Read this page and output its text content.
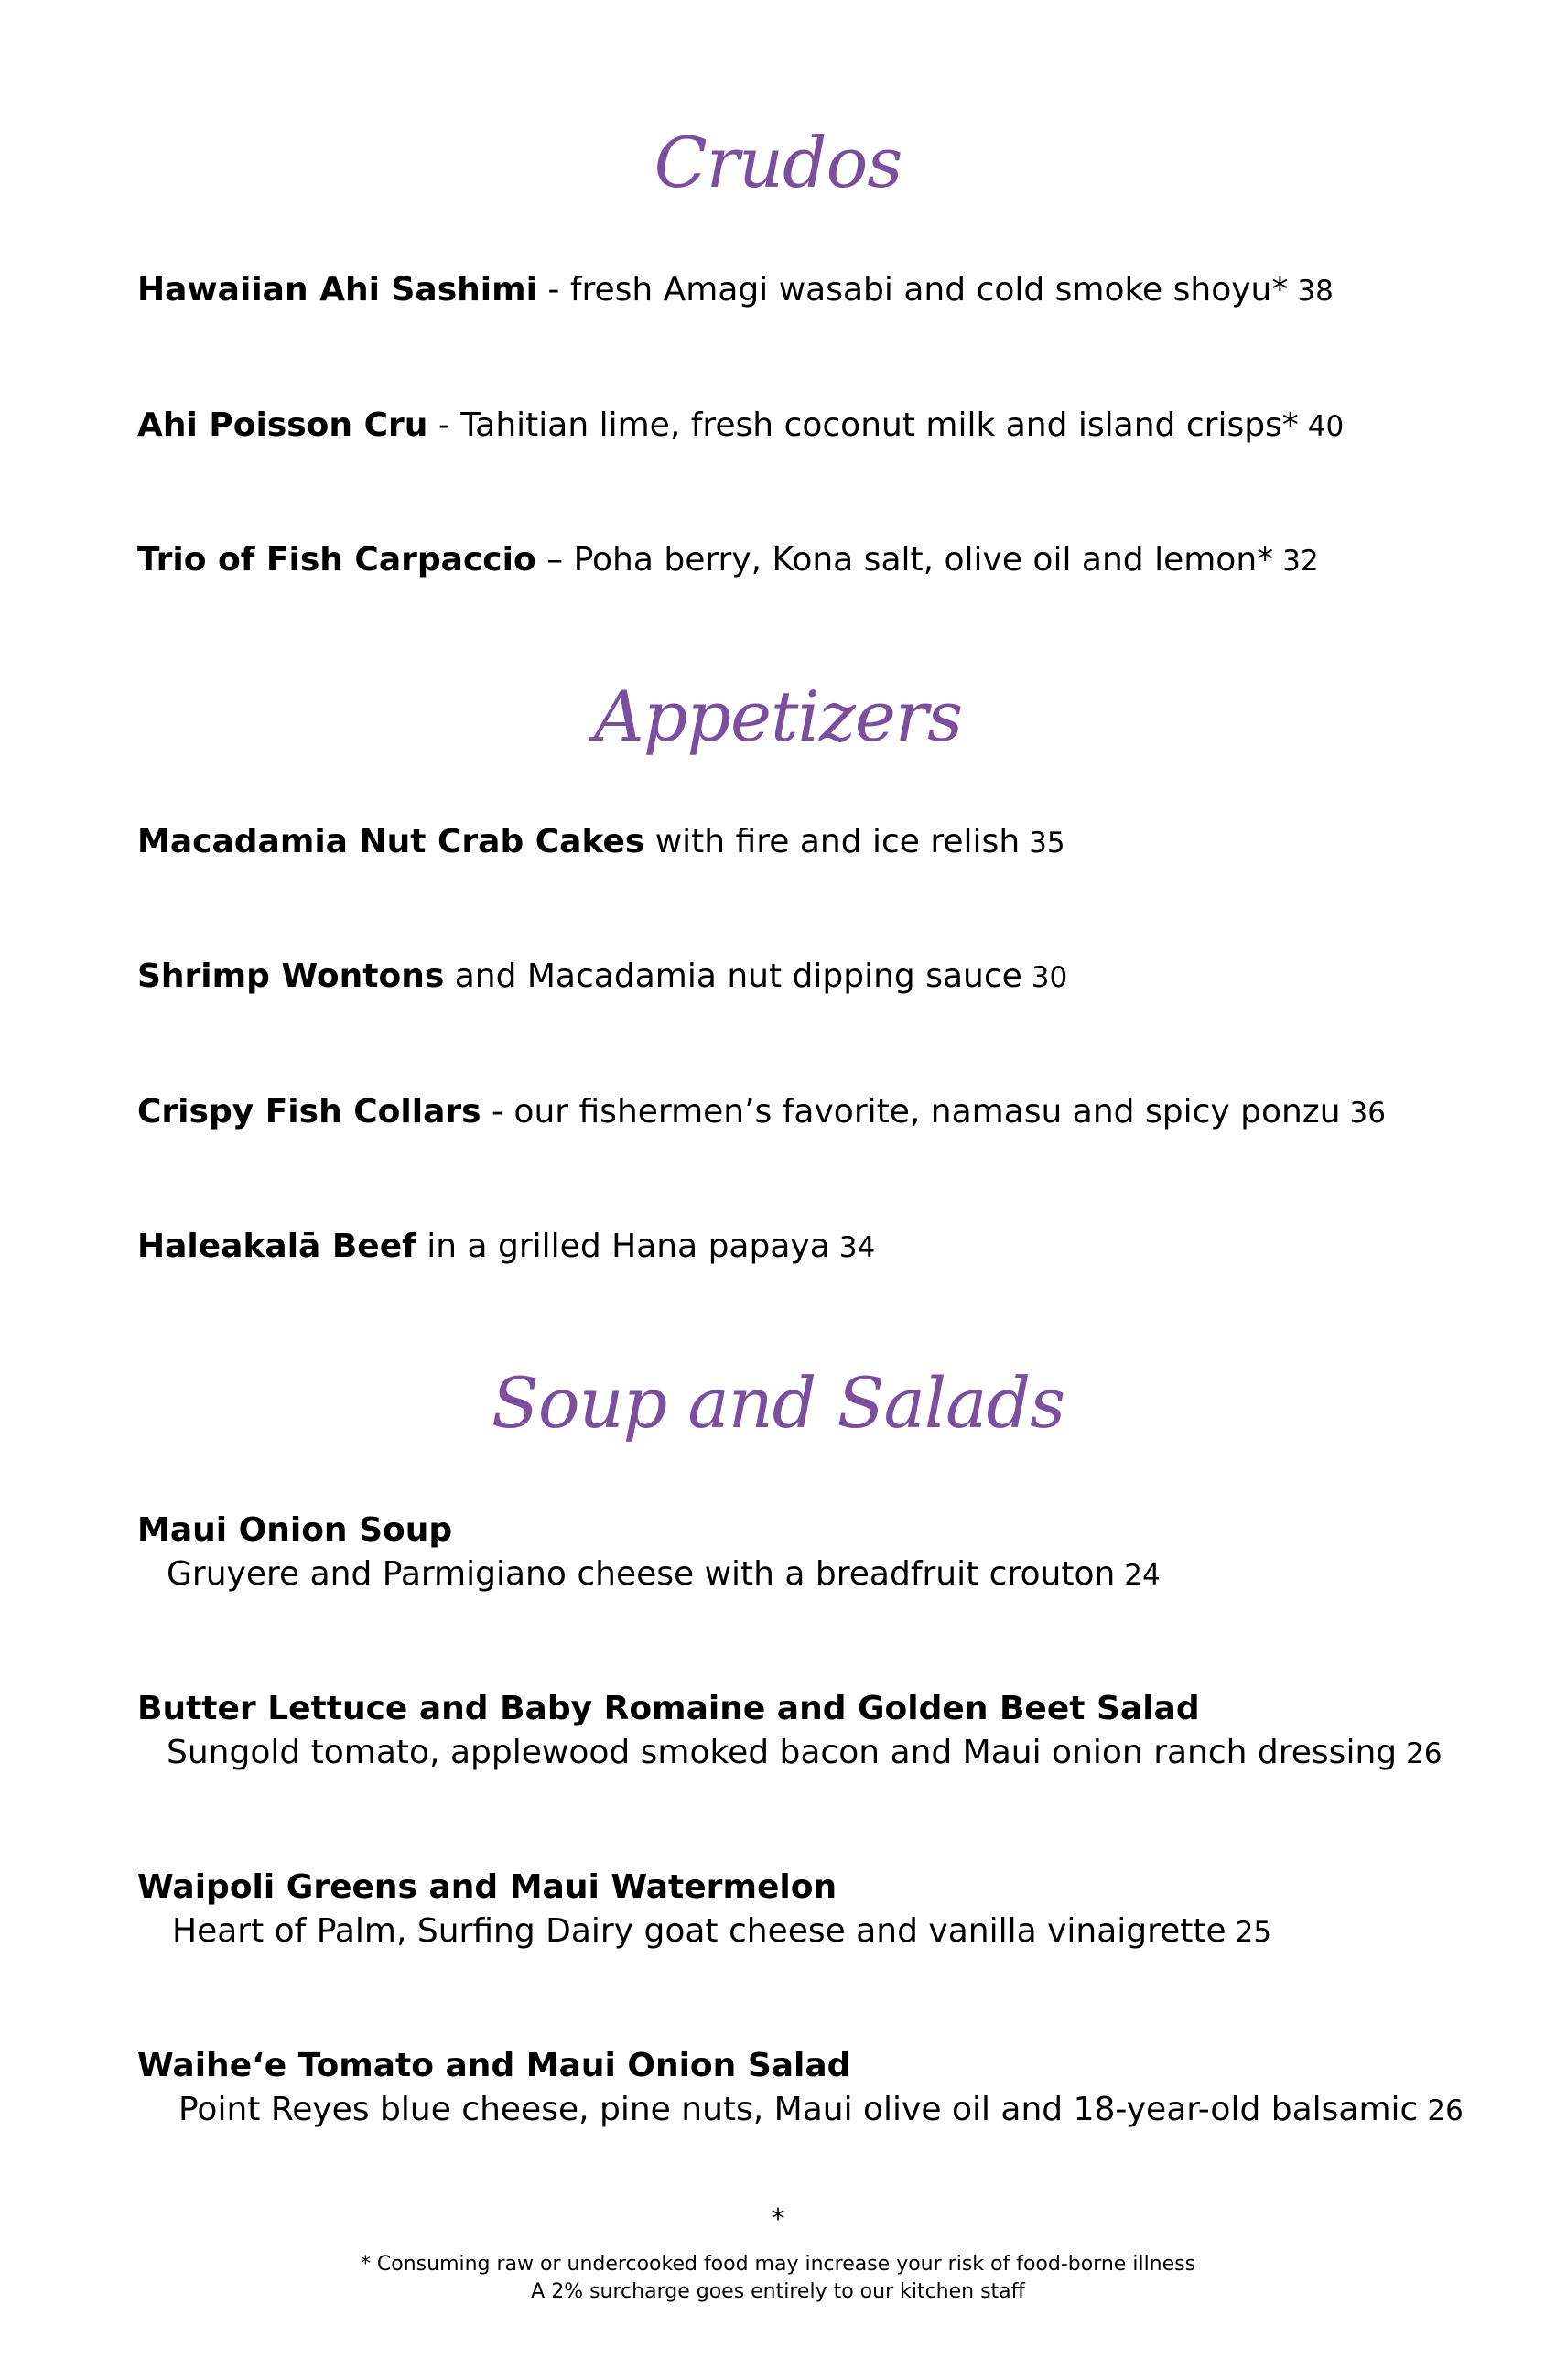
Crudos
Hawaiian Ahi Sashimi - fresh Amagi wasabi and cold smoke shoyu* 38
Ahi Poisson Cru - Tahitian lime, fresh coconut milk and island crisps* 40
Trio of Fish Carpaccio – Poha berry, Kona salt, olive oil and lemon* 32
Appetizers
Macadamia Nut Crab Cakes with fire and ice relish 35
Shrimp Wontons and Macadamia nut dipping sauce 30
Crispy Fish Collars - our fishermen’s favorite, namasu and spicy ponzu 36
Haleakalā Beef in a grilled Hana papaya 34
Soup and Salads
Maui Onion Soup
Gruyere and Parmigiano cheese with a breadfruit crouton 24
Butter Lettuce and Baby Romaine and Golden Beet Salad
Sungold tomato, applewood smoked bacon and Maui onion ranch dressing 26
Waipoli Greens and Maui Watermelon
Heart of Palm, Surfing Dairy goat cheese and vanilla vinaigrette 25
Waihe‘e Tomato and Maui Onion Salad
Point Reyes blue cheese, pine nuts, Maui olive oil and 18-year-old balsamic 26
*
* Consuming raw or undercooked food may increase your risk of food-borne illness
A 2% surcharge goes entirely to our kitchen staff
